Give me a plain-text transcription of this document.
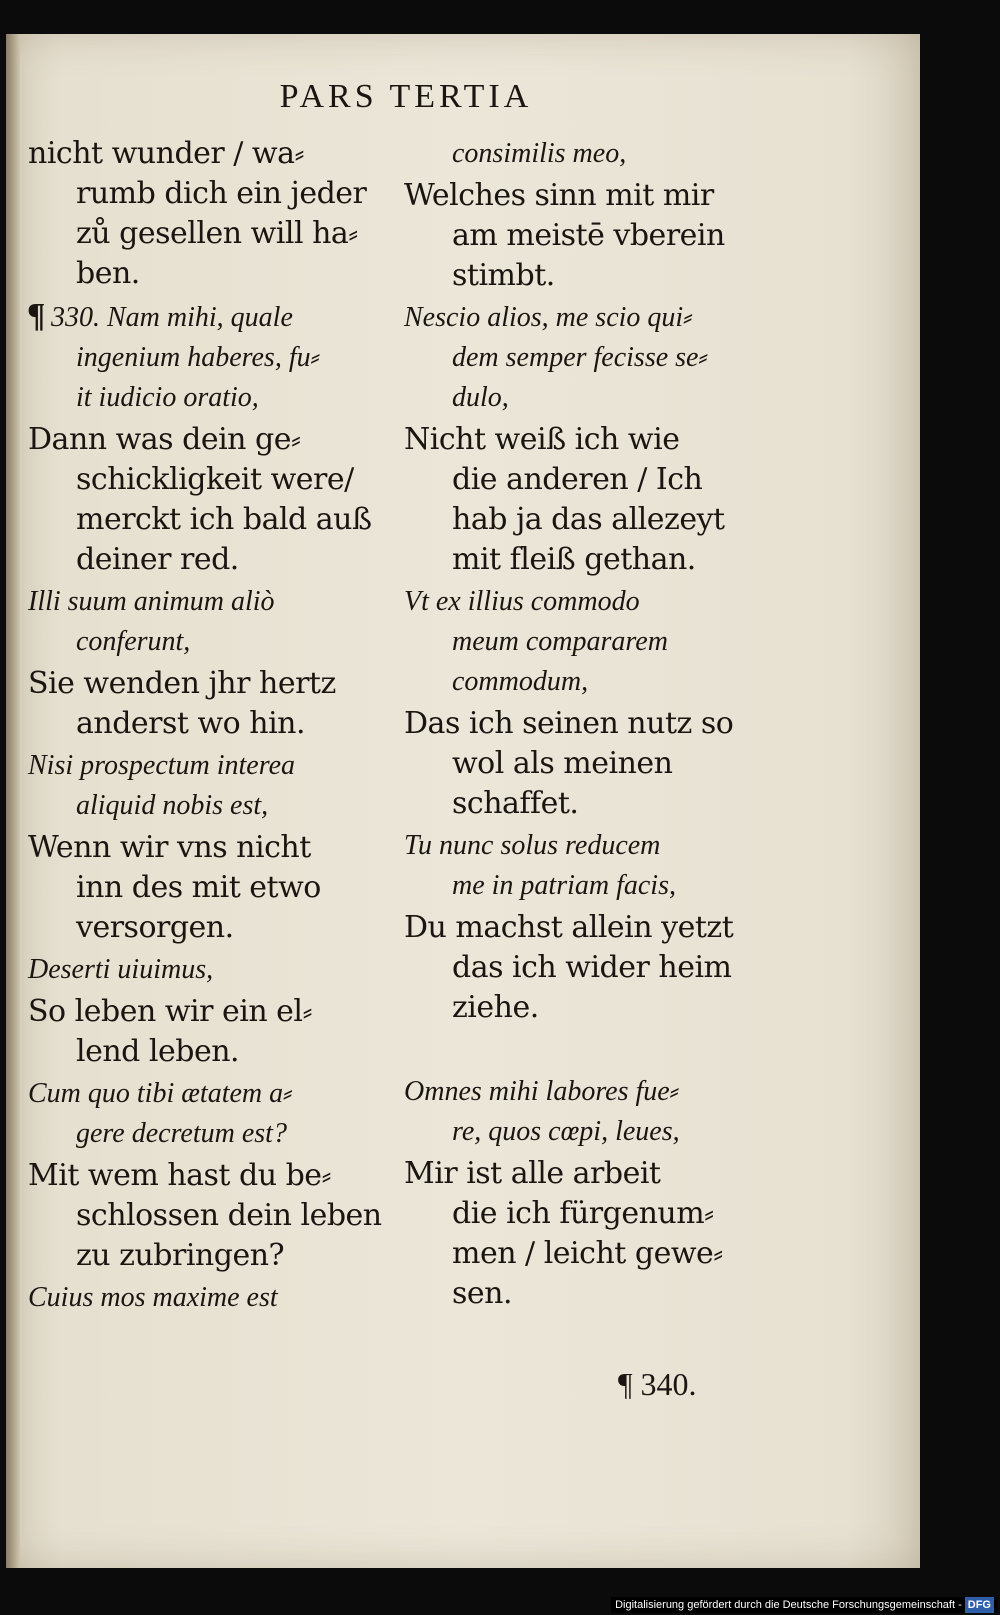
PARS TERTIA
nicht wunder / wa⸗
rumb dich ein jeder
zů gesellen will ha⸗
ben.
¶ 330. Nam mihi, quale
ingenium haberes, fu⸗
it iudicio oratio,
Dann was dein ge⸗
schickligkeit were/
merckt ich bald auß
deiner red.
Illi suum animum aliò
conferunt,
Sie wenden jhr hertz
anderst wo hin.
Nisi prospectum interea
aliquid nobis est,
Wenn wir vns nicht
inn des mit etwo
versorgen.
Deserti uiuimus,
So leben wir ein el⸗
lend leben.
Cum quo tibi ætatem a⸗
gere decretum est?
Mit wem hast du be⸗
schlossen dein leben
zu zubringen?
Cuius mos maxime est
consimilis meo,
Welches sinn mit mir
am meistē vberein
stimbt.
Nescio alios, me scio qui⸗
dem semper fecisse se⸗
dulo,
Nicht weiß ich wie
die anderen / Ich
hab ja das allezeyt
mit fleiß gethan.
Vt ex illius commodo
meum compararem
commodum,
Das ich seinen nutz so
wol als meinen
schaffet.
Tu nunc solus reducem
me in patriam facis,
Du machst allein yetzt
das ich wider heim
ziehe.
Omnes mihi labores fue⸗
re, quos cœpi, leues,
Mir ist alle arbeit
die ich fürgenum⸗
men / leicht gewe⸗
sen.
¶ 340.
Digitalisierung gefördert durch die Deutsche Forschungsgemeinschaft - DFG
